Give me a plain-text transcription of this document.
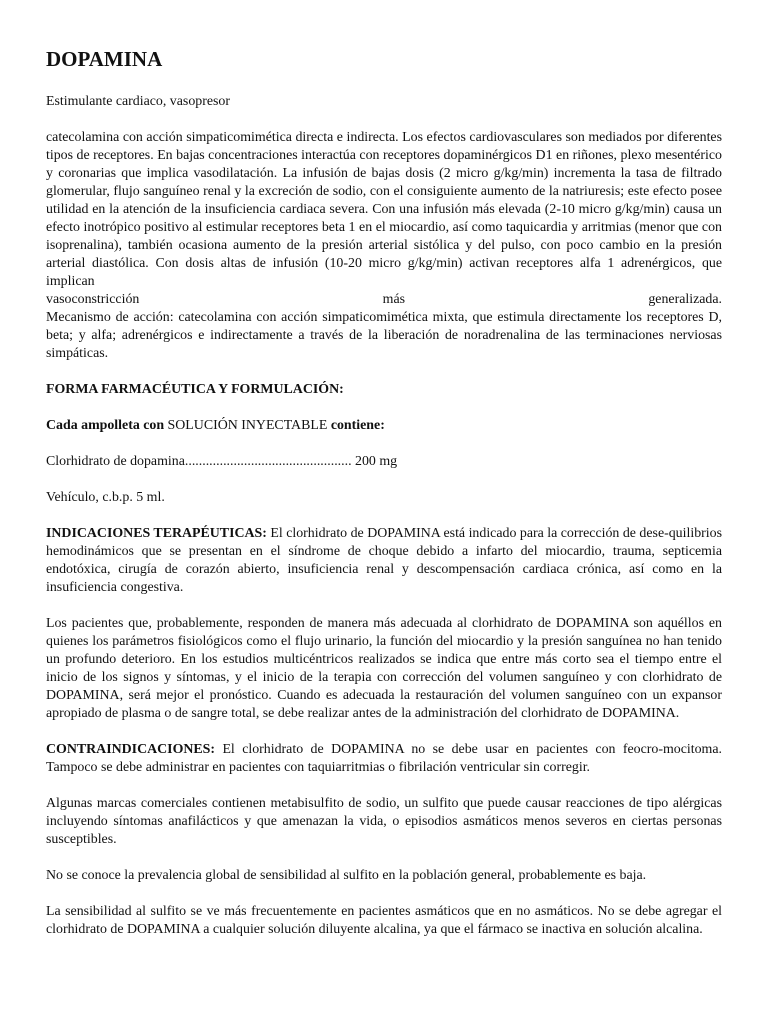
DOPAMINA

Estimulante cardiaco, vasopresor

catecolamina con acción simpaticomimética directa e indirecta. Los efectos cardiovasculares son mediados por diferentes tipos de receptores. En bajas concentraciones interactúa con receptores dopaminérgicos D1 en riñones, plexo mesentérico y coronarias que implica vasodilatación. La infusión de bajas dosis (2 micro g/kg/min) incrementa la tasa de filtrado glomerular, flujo sanguíneo renal y la excreción de sodio, con el consiguiente aumento de la natriuresis; este efecto posee utilidad en la atención de la insuficiencia cardiaca severa. Con una infusión más elevada (2-10 micro g/kg/min) causa un efecto inotrópico positivo al estimular receptores beta 1 en el miocardio, así como taquicardia y arritmias (menor que con isoprenalina), también ocasiona aumento de la presión arterial sistólica y del pulso, con poco cambio en la presión arterial diastólica. Con dosis altas de infusión (10-20 micro g/kg/min) activan receptores alfa 1 adrenérgicos, que implican

vasoconstricción	más	generalizada.

Mecanismo de acción: catecolamina con acción simpaticomimética mixta, que estimula directamente los receptores D, beta; y alfa; adrenérgicos e indirectamente a través de la liberación de noradrenalina de las terminaciones nerviosas simpáticas.

FORMA FARMACÉUTICA Y FORMULACIÓN:

Cada ampolleta con SOLUCIÓN INYECTABLE contiene:

Clorhidrato de dopamina................................................ 200 mg

Vehículo, c.b.p. 5 ml.

INDICACIONES TERAPÉUTICAS: El clorhidrato de DOPAMINA está indicado para la corrección de dese-quilibrios hemodinámicos que se presentan en el síndrome de choque debido a infarto del miocardio, trauma, septicemia endotóxica, cirugía de corazón abierto, insuficiencia renal y descompensación cardiaca crónica, así como en la insuficiencia congestiva.

Los pacientes que, probablemente, responden de manera más adecuada al clorhidrato de DOPAMINA son aquéllos en quienes los parámetros fisiológicos como el flujo urinario, la función del miocardio y la presión sanguínea no han tenido un profundo deterioro. En los estudios multicéntricos realizados se indica que entre más corto sea el tiempo entre el inicio de los signos y síntomas, y el inicio de la terapia con corrección del volumen sanguíneo y con clorhidrato de DOPAMINA, será mejor el pronóstico. Cuando es adecuada la restauración del volumen sanguíneo con un expansor apropiado de plasma o de sangre total, se debe realizar antes de la administración del clorhidrato de DOPAMINA.

CONTRAINDICACIONES: El clorhidrato de DOPAMINA no se debe usar en pacientes con feocro-mocitoma. Tampoco se debe administrar en pacientes con taquiarritmias o fibrilación ventricular sin corregir.

Algunas marcas comerciales contienen metabisulfito de sodio, un sulfito que puede causar reacciones de tipo alérgicas incluyendo síntomas anafilácticos y que amenazan la vida, o episodios asmáticos menos severos en ciertas personas susceptibles.

No se conoce la prevalencia global de sensibilidad al sulfito en la población general, probablemente es baja.

La sensibilidad al sulfito se ve más frecuentemente en pacientes asmáticos que en no asmáticos. No se debe agregar el clorhidrato de DOPAMINA a cualquier solución diluyente alcalina, ya que el fármaco se inactiva en solución alcalina.
